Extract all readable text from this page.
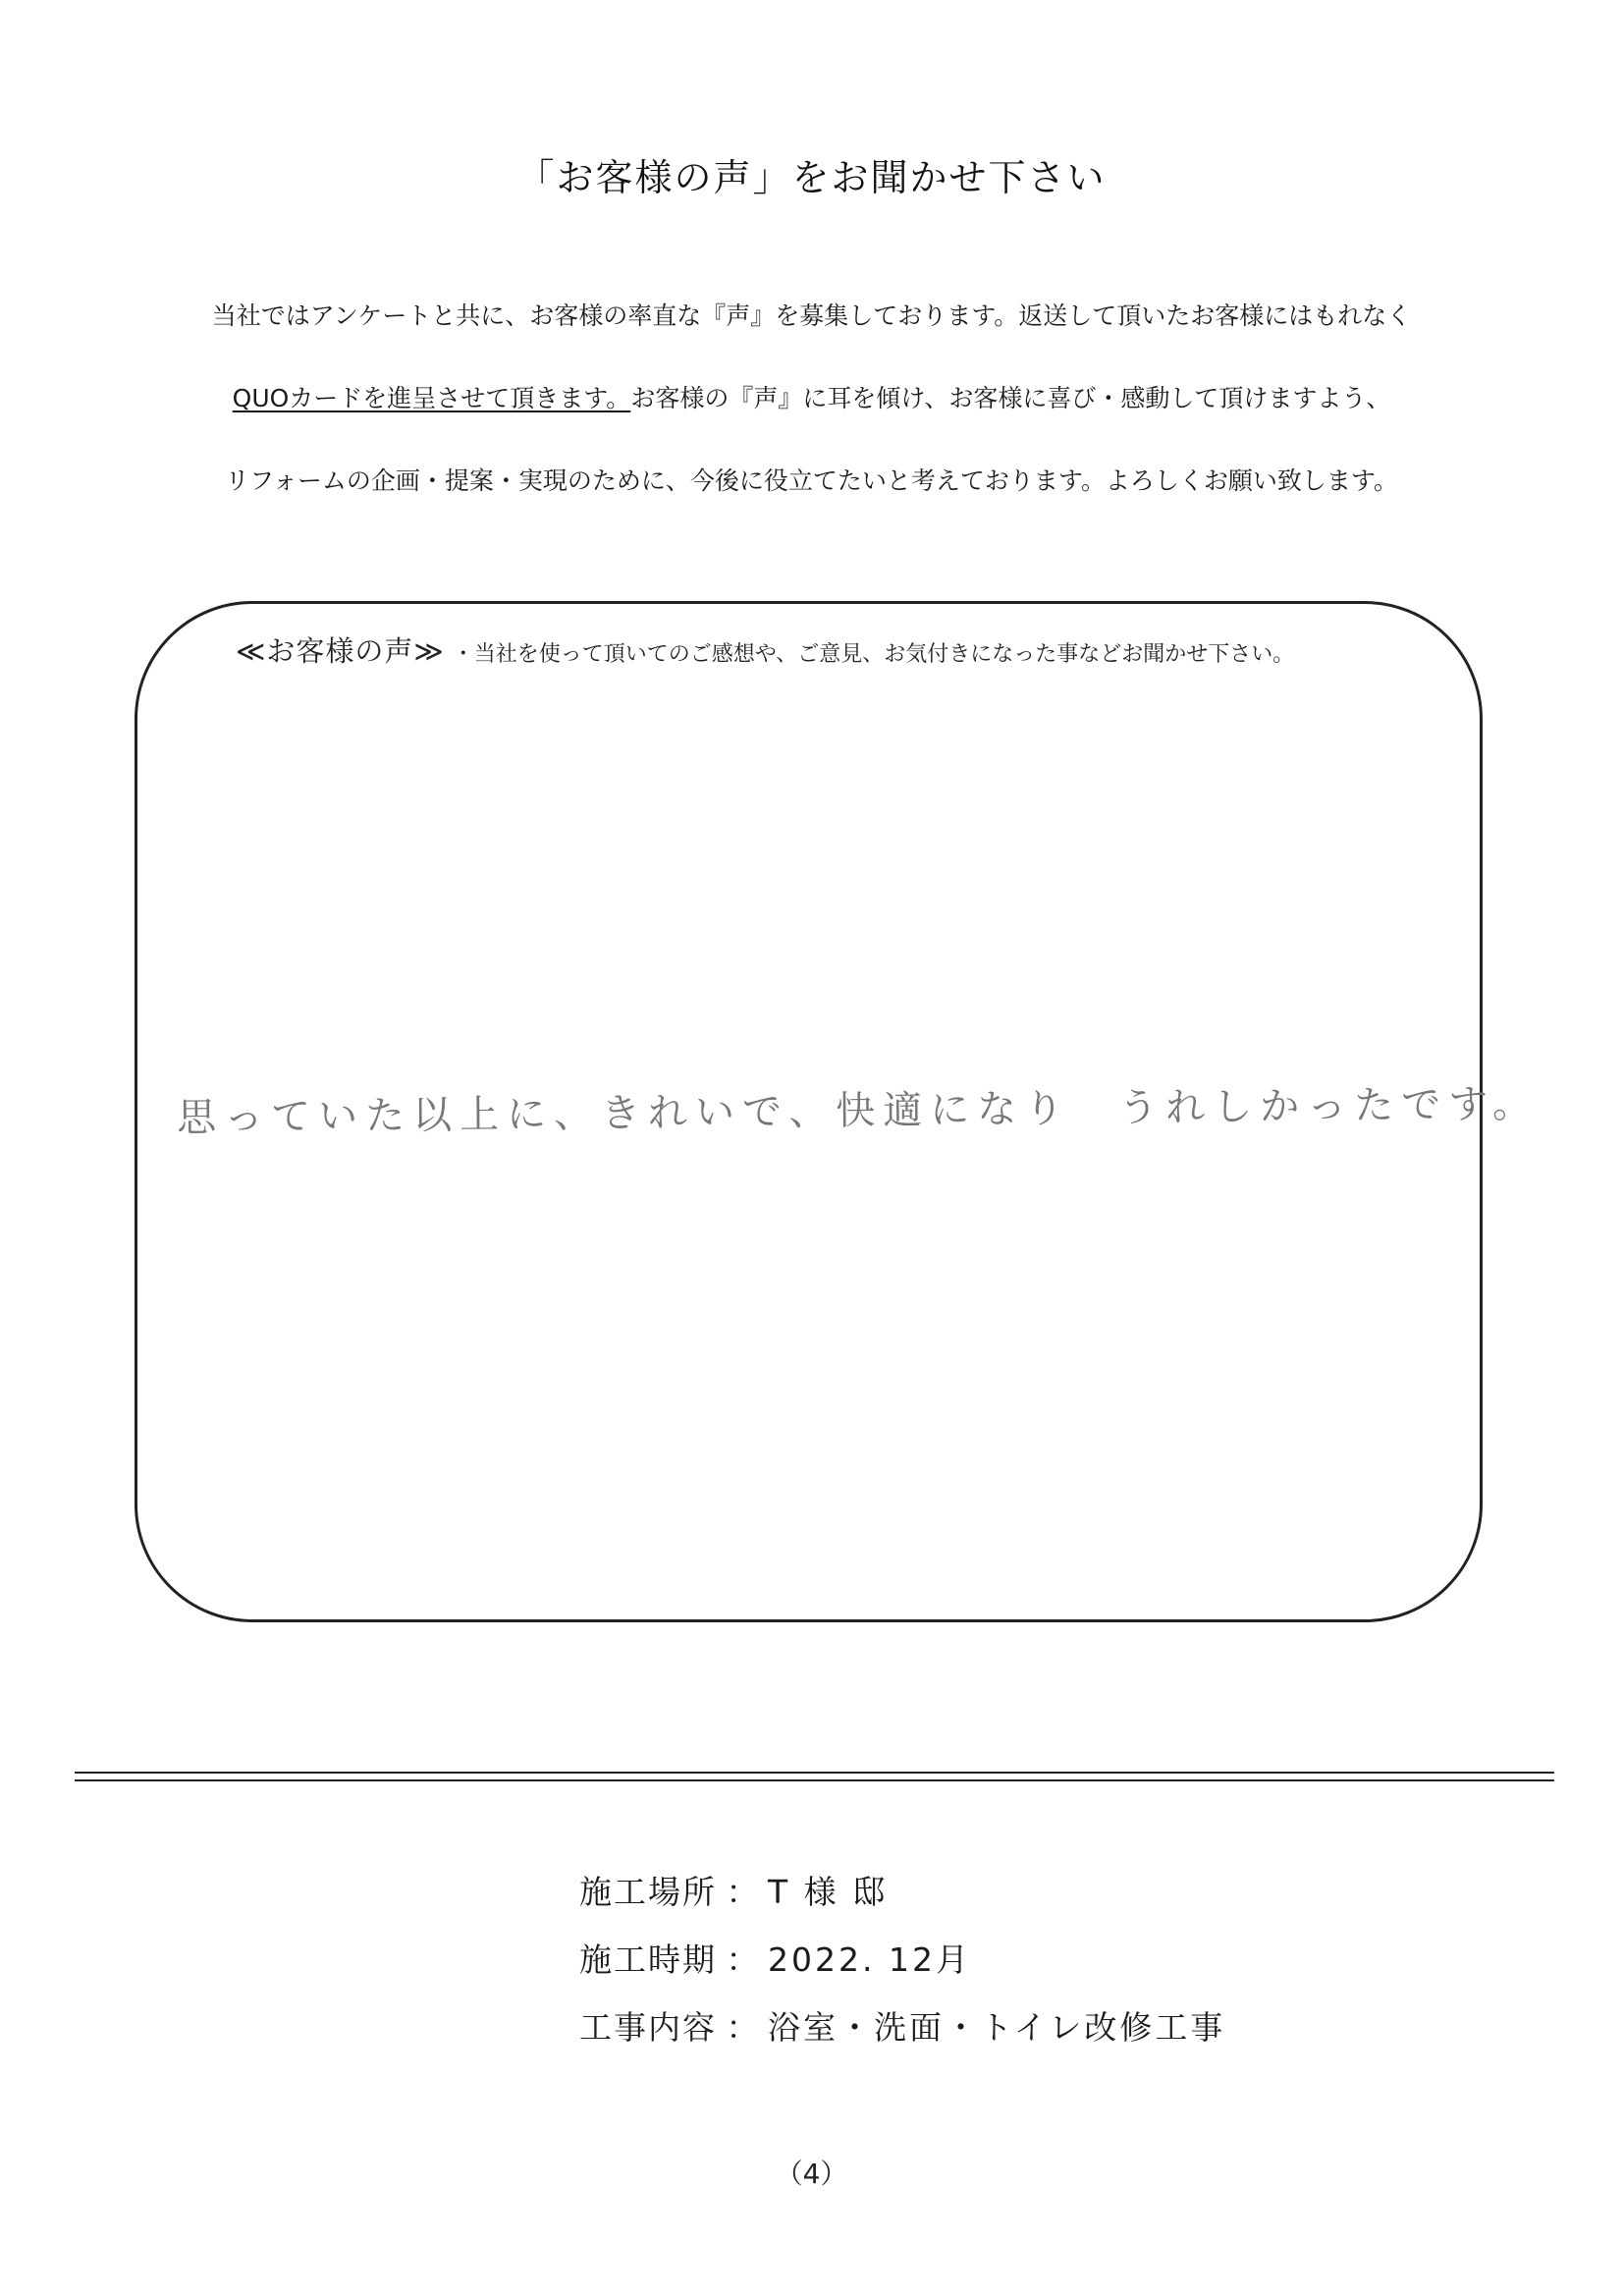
「お客様の声」をお聞かせ下さい
当社ではアンケートと共に、お客様の率直な『声』を募集しております。返送して頂いたお客様にはもれなく
QUOカードを進呈させて頂きます。お客様の『声』に耳を傾け、お客様に喜び・感動して頂けますよう、
リフォームの企画・提案・実現のために、今後に役立てたいと考えております。よろしくお願い致します。
≪お客様の声≫ ・当社を使って頂いてのご感想や、ご意見、お気付きになった事などお聞かせ下さい。
思っていた以上に、きれいで、快適になり　うれしかったです。
施工場所 ： T 様 邸
施工時期 ： 2022. 12月
工事内容 ： 浴室・洗面・トイレ改修工事
（4）
